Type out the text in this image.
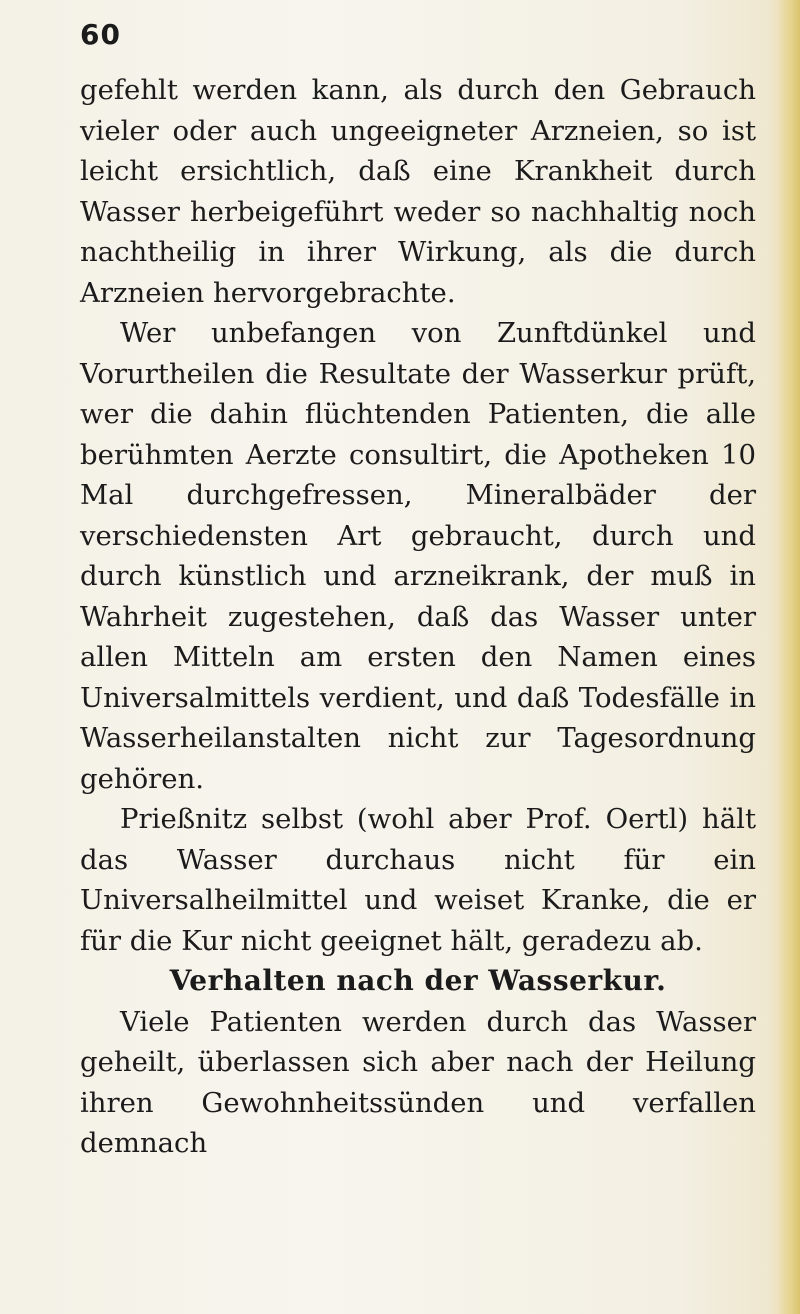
60

gefehlt werden kann, als durch den Gebrauch vieler oder auch ungeeigneter Arzneien, so ist leicht ersichtlich, daß eine Krankheit durch Wasser herbeigeführt weder so nachhaltig noch nachtheilig in ihrer Wirkung, als die durch Arzneien hervorgebrachte.

Wer unbefangen von Zunftdünkel und Vorurtheilen die Resultate der Wasserkur prüft, wer die dahin flüchtenden Patienten, die alle berühmten Aerzte consultirt, die Apotheken 10 Mal durchgefressen, Mineralbäder der verschiedensten Art gebraucht, durch und durch künstlich und arzneikrank, der muß in Wahrheit zugestehen, daß das Wasser unter allen Mitteln am ersten den Namen eines Universalmittels verdient, und daß Todesfälle in Wasserheilanstalten nicht zur Tagesordnung gehören.

Prießnitz selbst (wohl aber Prof. Oertl) hält das Wasser durchaus nicht für ein Universalheilmittel und weiset Kranke, die er für die Kur nicht geeignet hält, geradezu ab.

Verhalten nach der Wasserkur.

Viele Patienten werden durch das Wasser geheilt, überlassen sich aber nach der Heilung ihren Gewohnheitssünden und verfallen demnach
